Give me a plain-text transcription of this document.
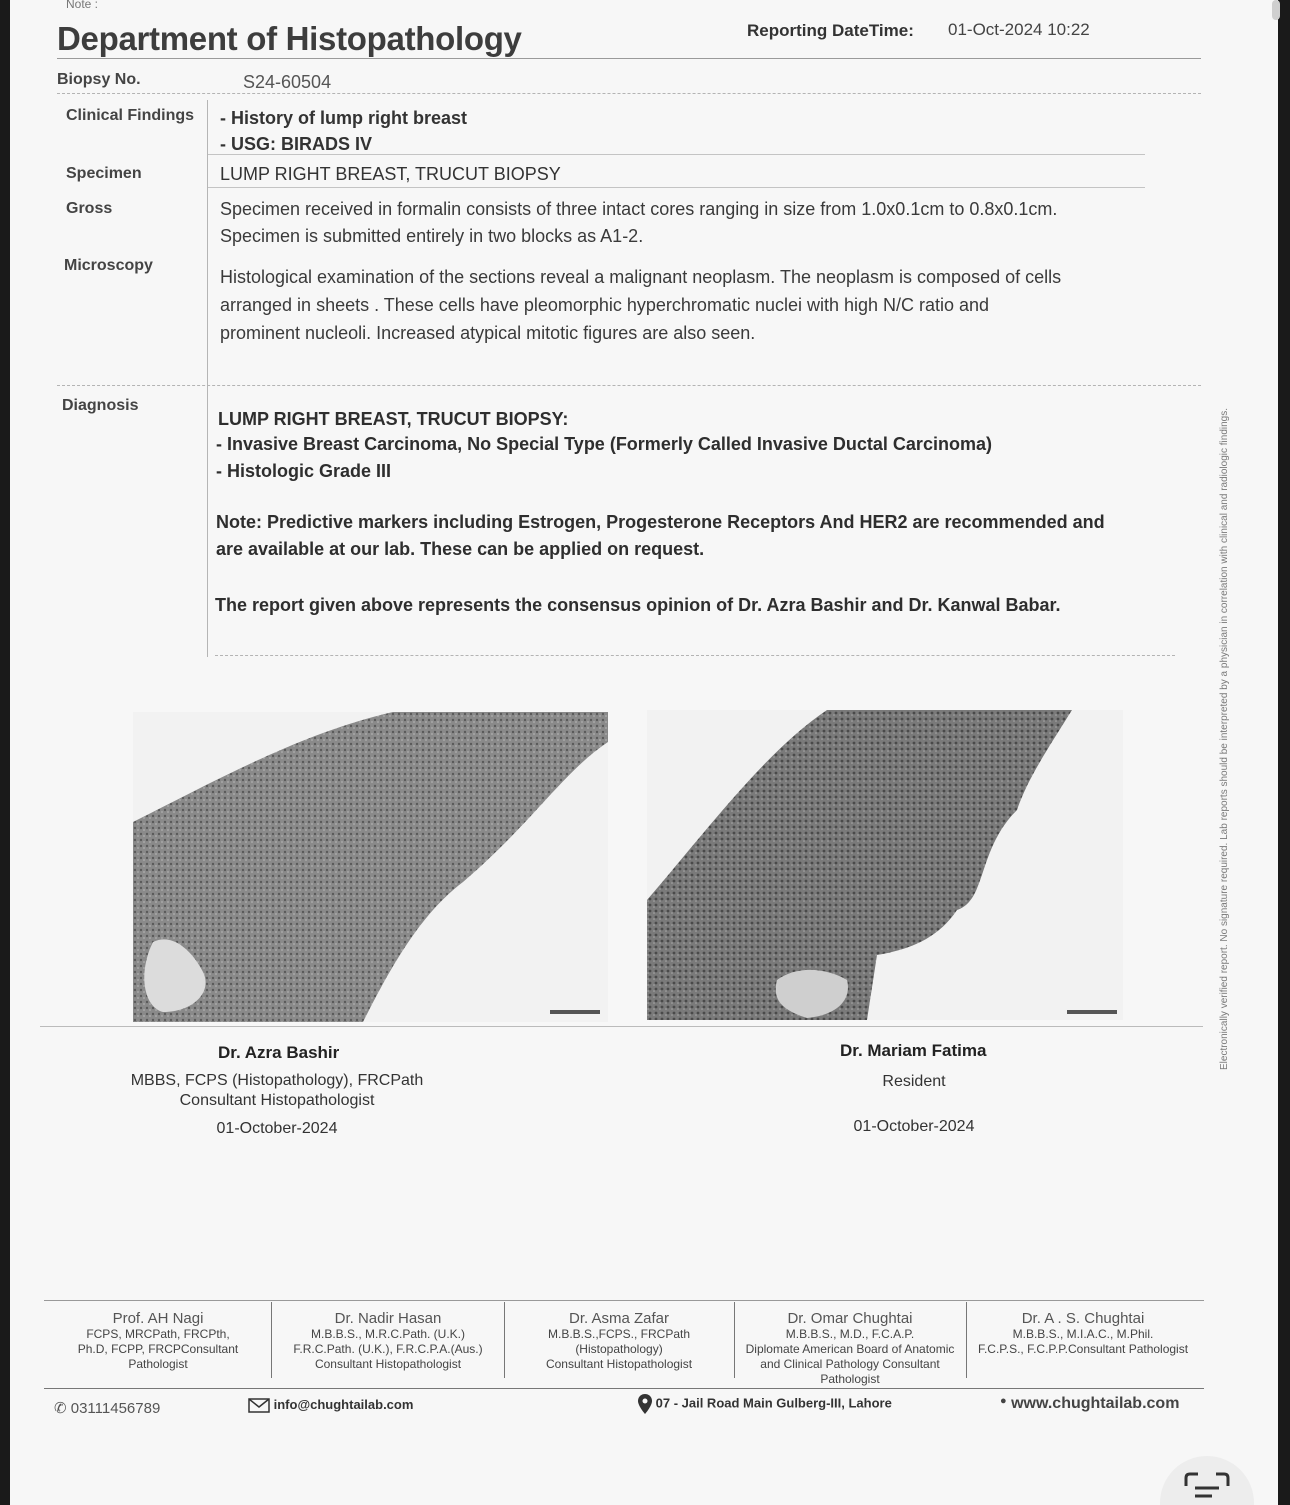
Note :
Department of Histopathology	Reporting DateTime: 01-Oct-2024 10:22
Biopsy No.	S24-60504
Clinical Findings - History of lump right breast
- USG: BIRADS IV
Specimen	LUMP RIGHT BREAST, TRUCUT BIOPSY
Gross	Specimen received in formalin consists of three intact cores ranging in size from 1.0x0.1cm to 0.8x0.1cm.
Specimen is submitted entirely in two blocks as A1-2.
Microscopy
Histological examination of the sections reveal a malignant neoplasm. The neoplasm is composed of cells
arranged in sheets . These cells have pleomorphic hyperchromatic nuclei with high N/C ratio and
prominent nucleoli. Increased atypical mitotic figures are also seen.
Diagnosis
LUMP RIGHT BREAST, TRUCUT BIOPSY:
- Invasive Breast Carcinoma, No Special Type (Formerly Called Invasive Ductal Carcinoma)
- Histologic Grade III
Note: Predictive markers including Estrogen, Progesterone Receptors And HER2 are recommended and
are available at our lab. These can be applied on request.
The report given above represents the consensus opinion of Dr. Azra Bashir and Dr. Kanwal Babar.
Dr. Azra Bashir
MBBS, FCPS (Histopathology), FRCPath
Consultant Histopathologist
01-October-2024
Dr. Mariam Fatima
Resident
01-October-2024
Prof. AH Nagi
FCPS, MRCPath, FRCPth,
Ph.D, FCPP, FRCPConsultant
Pathologist
Dr. Nadir Hasan
M.B.B.S., M.R.C.Path. (U.K.)
F.R.C.Path. (U.K.), F.R.C.P.A.(Aus.)
Consultant Histopathologist
Dr. Asma Zafar
M.B.B.S.,FCPS., FRCPath
(Histopathology)
Consultant Histopathologist
Dr. Omar Chughtai
M.B.B.S., M.D., F.C.A.P.
Diplomate American Board of Anatomic
and Clinical Pathology Consultant
Pathologist
Dr. A . S. Chughtai
M.B.B.S., M.I.A.C., M.Phil.
F.C.P.S., F.C.P.P.Consultant Pathologist
✆ 03111456789	info@chughtailab.com	07 - Jail Road Main Gulberg-III, Lahore	● www.chughtailab.com
Electronically verified report. No signature required. Lab reports should be interpreted by a physician in correlation with clinical and radiologic findings.
